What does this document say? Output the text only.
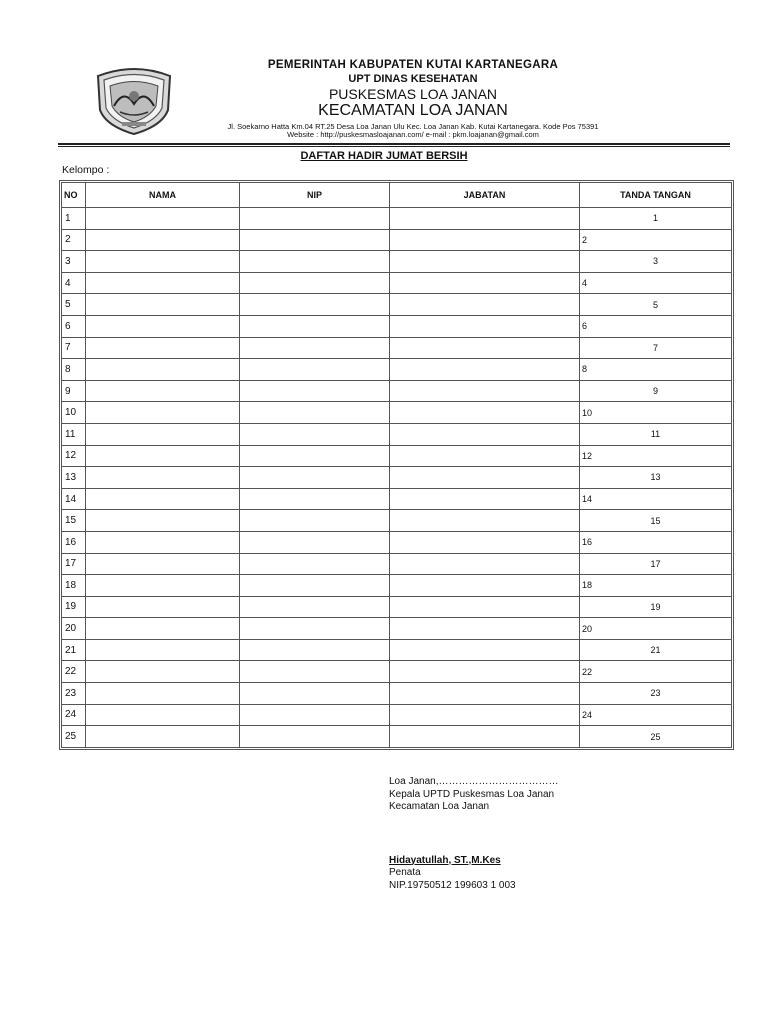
PEMERINTAH KABUPATEN KUTAI KARTANEGARA
UPT DINAS KESEHATAN
PUSKESMAS LOA JANAN
KECAMATAN LOA JANAN
Jl. Soekarno Hatta Km.04 RT.25 Desa Loa Janan Ulu Kec. Loa Janan Kab. Kutai Kartanegara. Kode Pos 75391
Website : http://puskesmasloajanan.com/ e-mail : pkm.loajanan@gmail.com
DAFTAR HADIR JUMAT BERSIH
Kelompo :
NO	NAMA	NIP	JABATAN	TANDA TANGAN
1				1
2				2
3				3
4				4
5				5
6				6
7				7
8				8
9				9
10				10
11				11
12				12
13				13
14				14
15				15
16				16
17				17
18				18
19				19
20				20
21				21
22				22
23				23
24				24
25				25
Loa Janan,………………………………
Kepala UPTD Puskesmas Loa Janan
Kecamatan Loa Janan
Hidayatullah, ST.,M.Kes
Penata
NIP.19750512 199603 1 003
